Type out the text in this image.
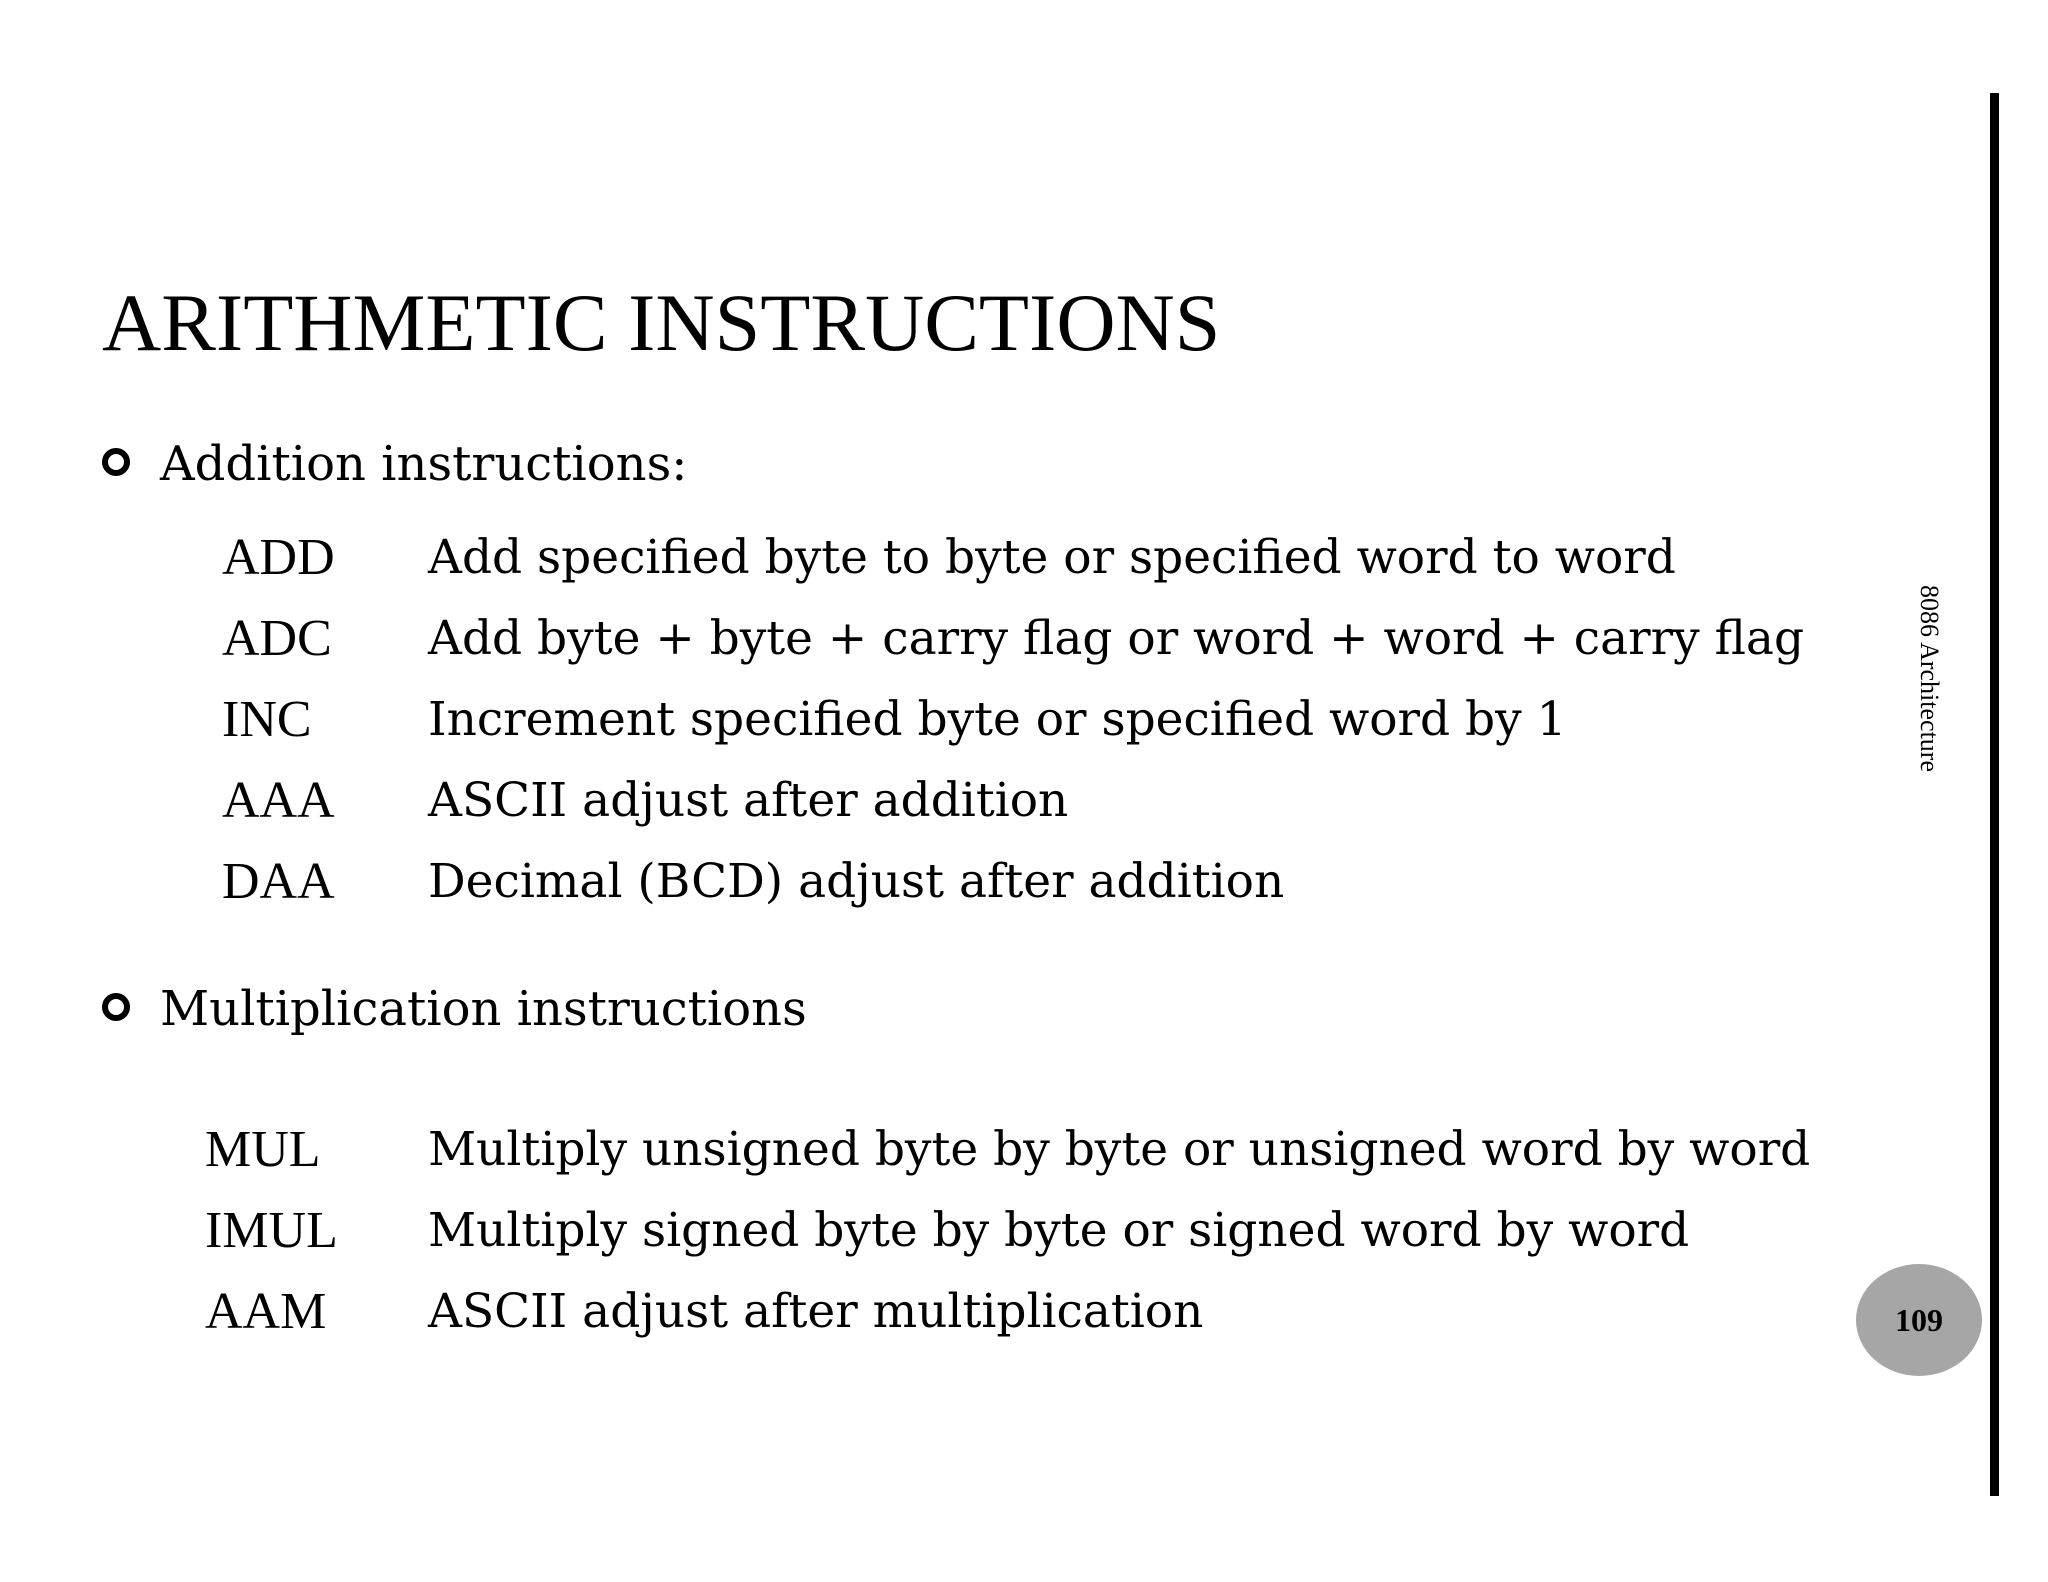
ARITHMETIC INSTRUCTIONS
Addition instructions:
ADD Add specified byte to byte or specified word to word
ADC Add byte + byte + carry flag or word + word + carry flag
INC Increment specified byte or specified word by 1
AAA ASCII adjust after addition
DAA Decimal (BCD) adjust after addition
Multiplication instructions
MUL Multiply unsigned byte by byte or unsigned word by word
IMUL Multiply signed byte by byte or signed word by word
AAM ASCII adjust after multiplication
8086 Architecture
109
